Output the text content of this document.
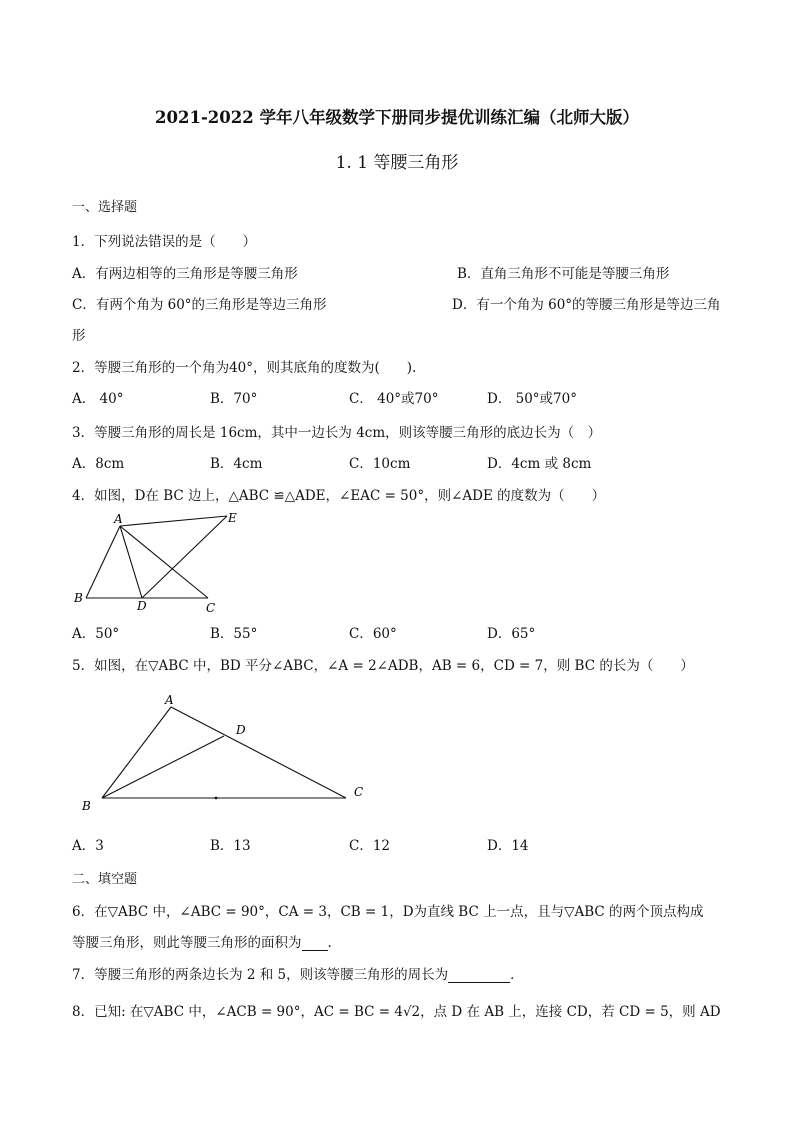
2021-2022 学年八年级数学下册同步提优训练汇编（北师大版）
1. 1 等腰三角形
一、选择题
1．下列说法错误的是（　　）
A．有两边相等的三角形是等腰三角形	B．直角三角形不可能是等腰三角形
C．有两个角为 60°的三角形是等边三角形	D．有一个角为 60°的等腰三角形是等边三角
形
2．等腰三角形的一个角为40°，则其底角的度数为(　　).
A． 40°	B．70°	C． 40°或70°	D． 50°或70°
3．等腰三角形的周长是 16cm，其中一边长为 4cm，则该等腰三角形的底边长为（　）
A．8cm	B．4cm	C．10cm	D．4cm 或 8cm
4．如图，D在 BC 边上，△ABC ≌△ADE，∠EAC = 50°，则∠ADE 的度数为（　　）
A
B
C
D
E
A．50°	B．55°	C．60°	D．65°
5．如图，在▽ABC 中，BD 平分∠ABC，∠A = 2∠ADB，AB = 6，CD = 7，则 BC 的长为（　　）
A
B
C
D
A．3	B．13	C．12	D．14
二、填空题
6．在▽ABC 中，∠ABC = 90°，CA = 3，CB = 1，D为直线 BC 上一点，且与▽ABC 的两个顶点构成
等腰三角形，则此等腰三角形的面积为 .
7．等腰三角形的两条边长为 2 和 5，则该等腰三角形的周长为	．
8．已知: 在▽ABC 中，∠ACB = 90°，AC = BC = 4√2，点 D 在 AB 上，连接 CD，若 CD = 5，则 AD
